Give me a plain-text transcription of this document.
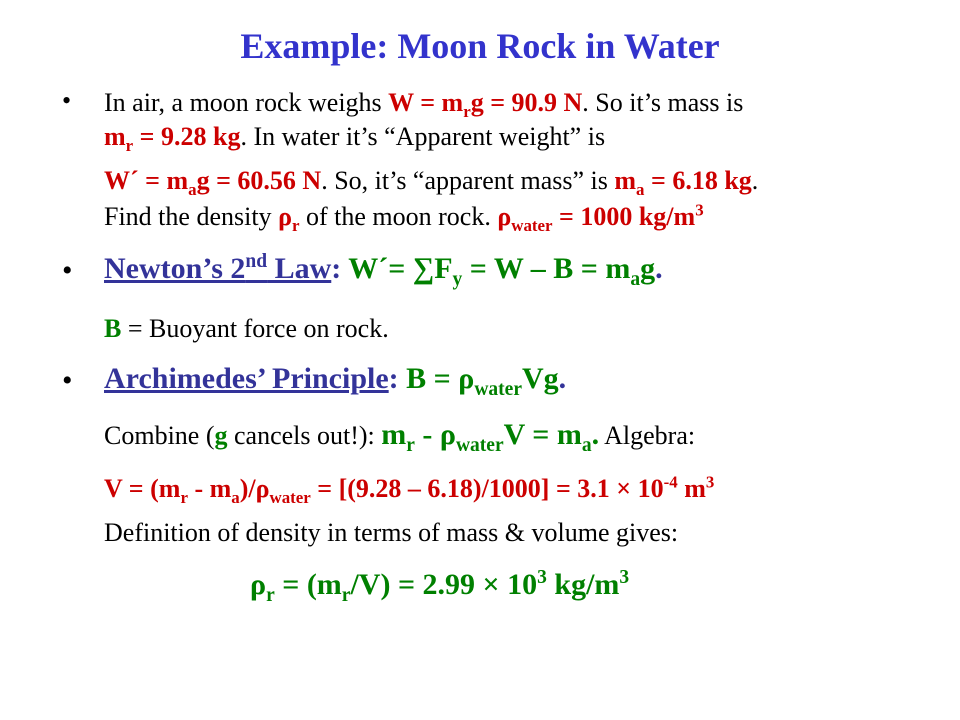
Example: Moon Rock in Water
• In air, a moon rock weighs $W = m_rg = 90.9$ N. So it’s mass is
$m_r = 9.28$ kg. In water it’s “Apparent weight” is
W´ = $m_ag = 60.56$ N. So, it’s “apparent mass” is $m_a = 6.18$ kg.
Find the density $\rho_r$ of the moon rock. $\rho_{water} = 1000$ $kg/m^3$
• Newton’s 2nd Law: W´= $\sum F_y = W - B = m_ag$.
B = Buoyant force on rock.
• Archimedes’ Principle: $B = \rho_{water}Vg$.
Combine (g cancels out!): $m_r - \rho_{water}V = m_a$. Algebra:
$V = (m_r - m_a)/\rho_{water} = [(9.28 - 6.18)/1000] = 3.1 \times 10^{-4}$ $m^3$
Definition of density in terms of mass & volume gives:
$\rho_r = (m_r/V) = 2.99 \times 10^3$ $kg/m^3$
